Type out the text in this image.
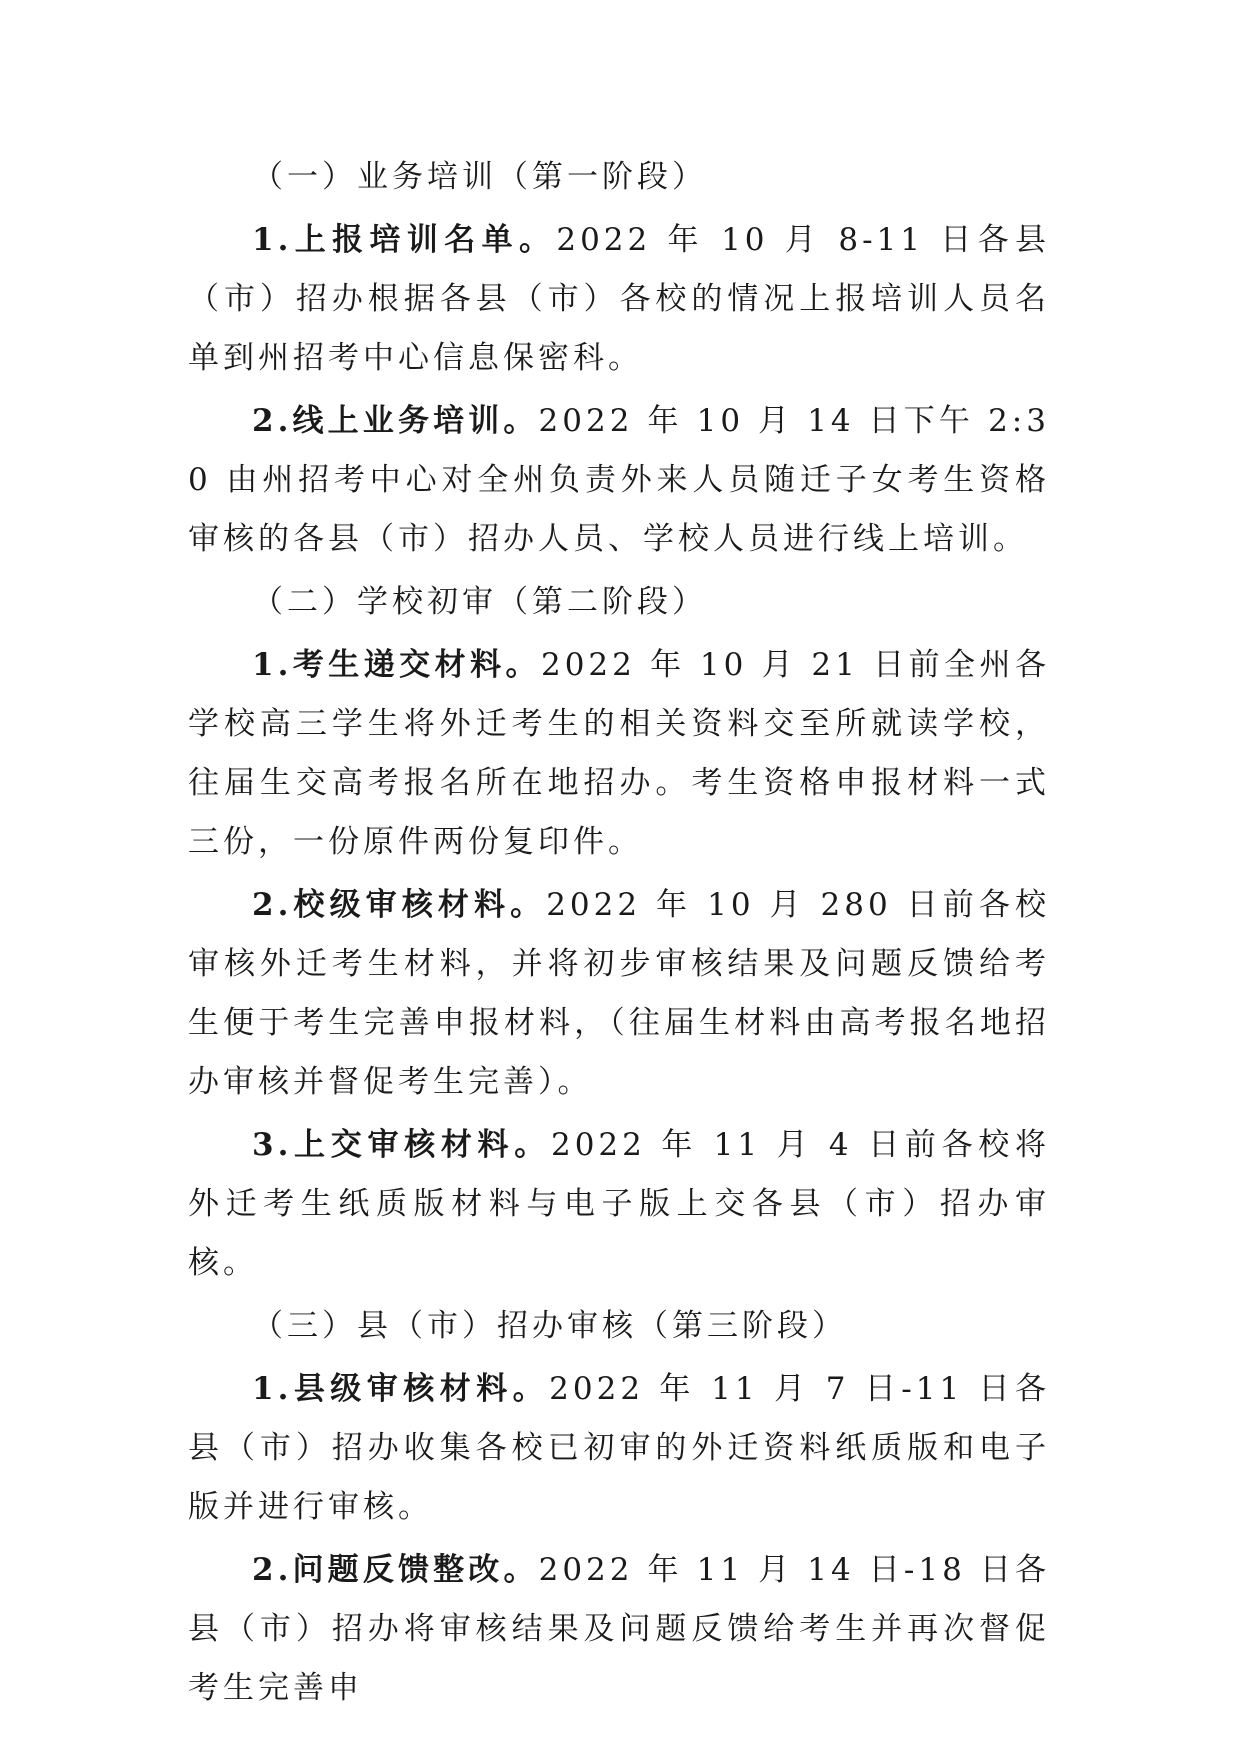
（一）业务培训（第一阶段）

1.上报培训名单。2022 年 10 月 8-11 日各县（市）招办根据各县（市）各校的情况上报培训人员名单到州招考中心信息保密科。

2.线上业务培训。2022 年 10 月 14 日下午 2:30 由州招考中心对全州负责外来人员随迁子女考生资格审核的各县（市）招办人员、学校人员进行线上培训。

（二）学校初审（第二阶段）

1.考生递交材料。2022 年 10 月 21 日前全州各学校高三学生将外迁考生的相关资料交至所就读学校，往届生交高考报名所在地招办。考生资格申报材料一式三份，一份原件两份复印件。

2.校级审核材料。2022 年 10 月 280 日前各校审核外迁考生材料，并将初步审核结果及问题反馈给考生便于考生完善申报材料，（往届生材料由高考报名地招办审核并督促考生完善）。

3.上交审核材料。2022 年 11 月 4 日前各校将外迁考生纸质版材料与电子版上交各县（市）招办审核。

（三）县（市）招办审核（第三阶段）

1.县级审核材料。2022 年 11 月 7 日-11 日各县（市）招办收集各校已初审的外迁资料纸质版和电子版并进行审核。

2.问题反馈整改。2022 年 11 月 14 日-18 日各县（市）招办将审核结果及问题反馈给考生并再次督促考生完善申
